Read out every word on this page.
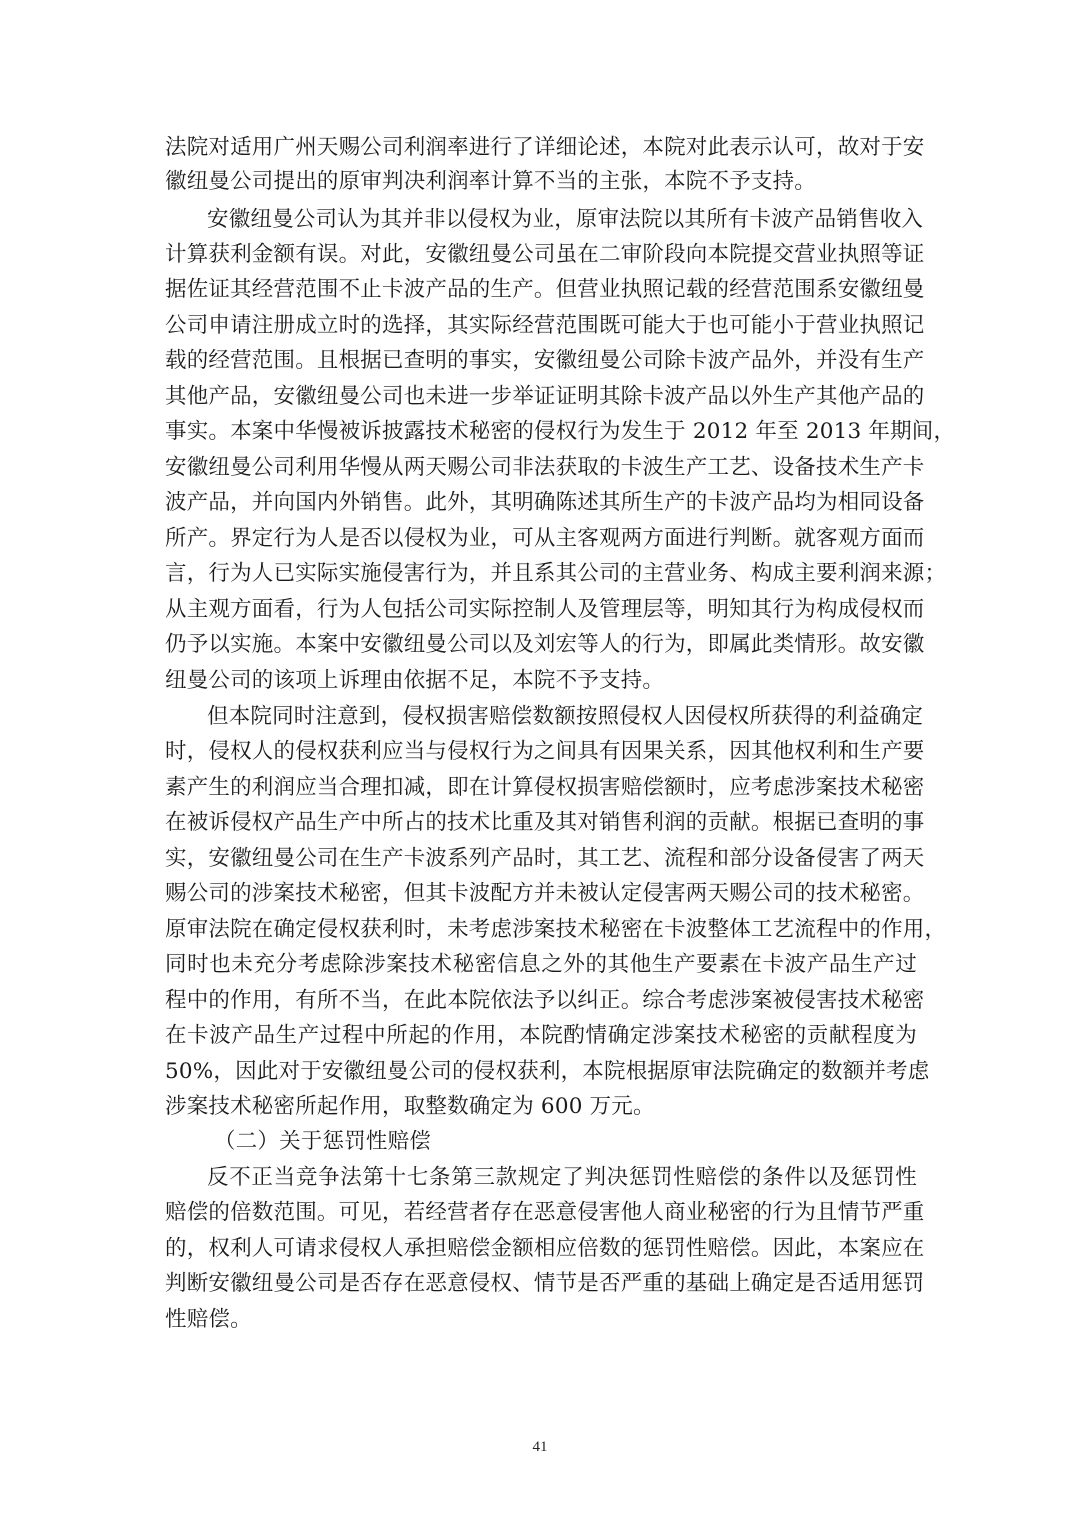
法院对适用广州天赐公司利润率进行了详细论述，本院对此表示认可，故对于安
徽纽曼公司提出的原审判决利润率计算不当的主张，本院不予支持。
安徽纽曼公司认为其并非以侵权为业，原审法院以其所有卡波产品销售收入
计算获利金额有误。对此，安徽纽曼公司虽在二审阶段向本院提交营业执照等证
据佐证其经营范围不止卡波产品的生产。但营业执照记载的经营范围系安徽纽曼
公司申请注册成立时的选择，其实际经营范围既可能大于也可能小于营业执照记
载的经营范围。且根据已查明的事实，安徽纽曼公司除卡波产品外，并没有生产
其他产品，安徽纽曼公司也未进一步举证证明其除卡波产品以外生产其他产品的
事实。本案中华慢被诉披露技术秘密的侵权行为发生于 2012 年至 2013 年期间，
安徽纽曼公司利用华慢从两天赐公司非法获取的卡波生产工艺、设备技术生产卡
波产品，并向国内外销售。此外，其明确陈述其所生产的卡波产品均为相同设备
所产。界定行为人是否以侵权为业，可从主客观两方面进行判断。就客观方面而
言，行为人已实际实施侵害行为，并且系其公司的主营业务、构成主要利润来源；
从主观方面看，行为人包括公司实际控制人及管理层等，明知其行为构成侵权而
仍予以实施。本案中安徽纽曼公司以及刘宏等人的行为，即属此类情形。故安徽
纽曼公司的该项上诉理由依据不足，本院不予支持。
但本院同时注意到，侵权损害赔偿数额按照侵权人因侵权所获得的利益确定
时，侵权人的侵权获利应当与侵权行为之间具有因果关系，因其他权利和生产要
素产生的利润应当合理扣减，即在计算侵权损害赔偿额时，应考虑涉案技术秘密
在被诉侵权产品生产中所占的技术比重及其对销售利润的贡献。根据已查明的事
实，安徽纽曼公司在生产卡波系列产品时，其工艺、流程和部分设备侵害了两天
赐公司的涉案技术秘密，但其卡波配方并未被认定侵害两天赐公司的技术秘密。
原审法院在确定侵权获利时，未考虑涉案技术秘密在卡波整体工艺流程中的作用，
同时也未充分考虑除涉案技术秘密信息之外的其他生产要素在卡波产品生产过
程中的作用，有所不当，在此本院依法予以纠正。综合考虑涉案被侵害技术秘密
在卡波产品生产过程中所起的作用，本院酌情确定涉案技术秘密的贡献程度为
50%，因此对于安徽纽曼公司的侵权获利，本院根据原审法院确定的数额并考虑
涉案技术秘密所起作用，取整数确定为 600 万元。
（二）关于惩罚性赔偿
反不正当竞争法第十七条第三款规定了判决惩罚性赔偿的条件以及惩罚性
赔偿的倍数范围。可见，若经营者存在恶意侵害他人商业秘密的行为且情节严重
的，权利人可请求侵权人承担赔偿金额相应倍数的惩罚性赔偿。因此，本案应在
判断安徽纽曼公司是否存在恶意侵权、情节是否严重的基础上确定是否适用惩罚
性赔偿。
41
